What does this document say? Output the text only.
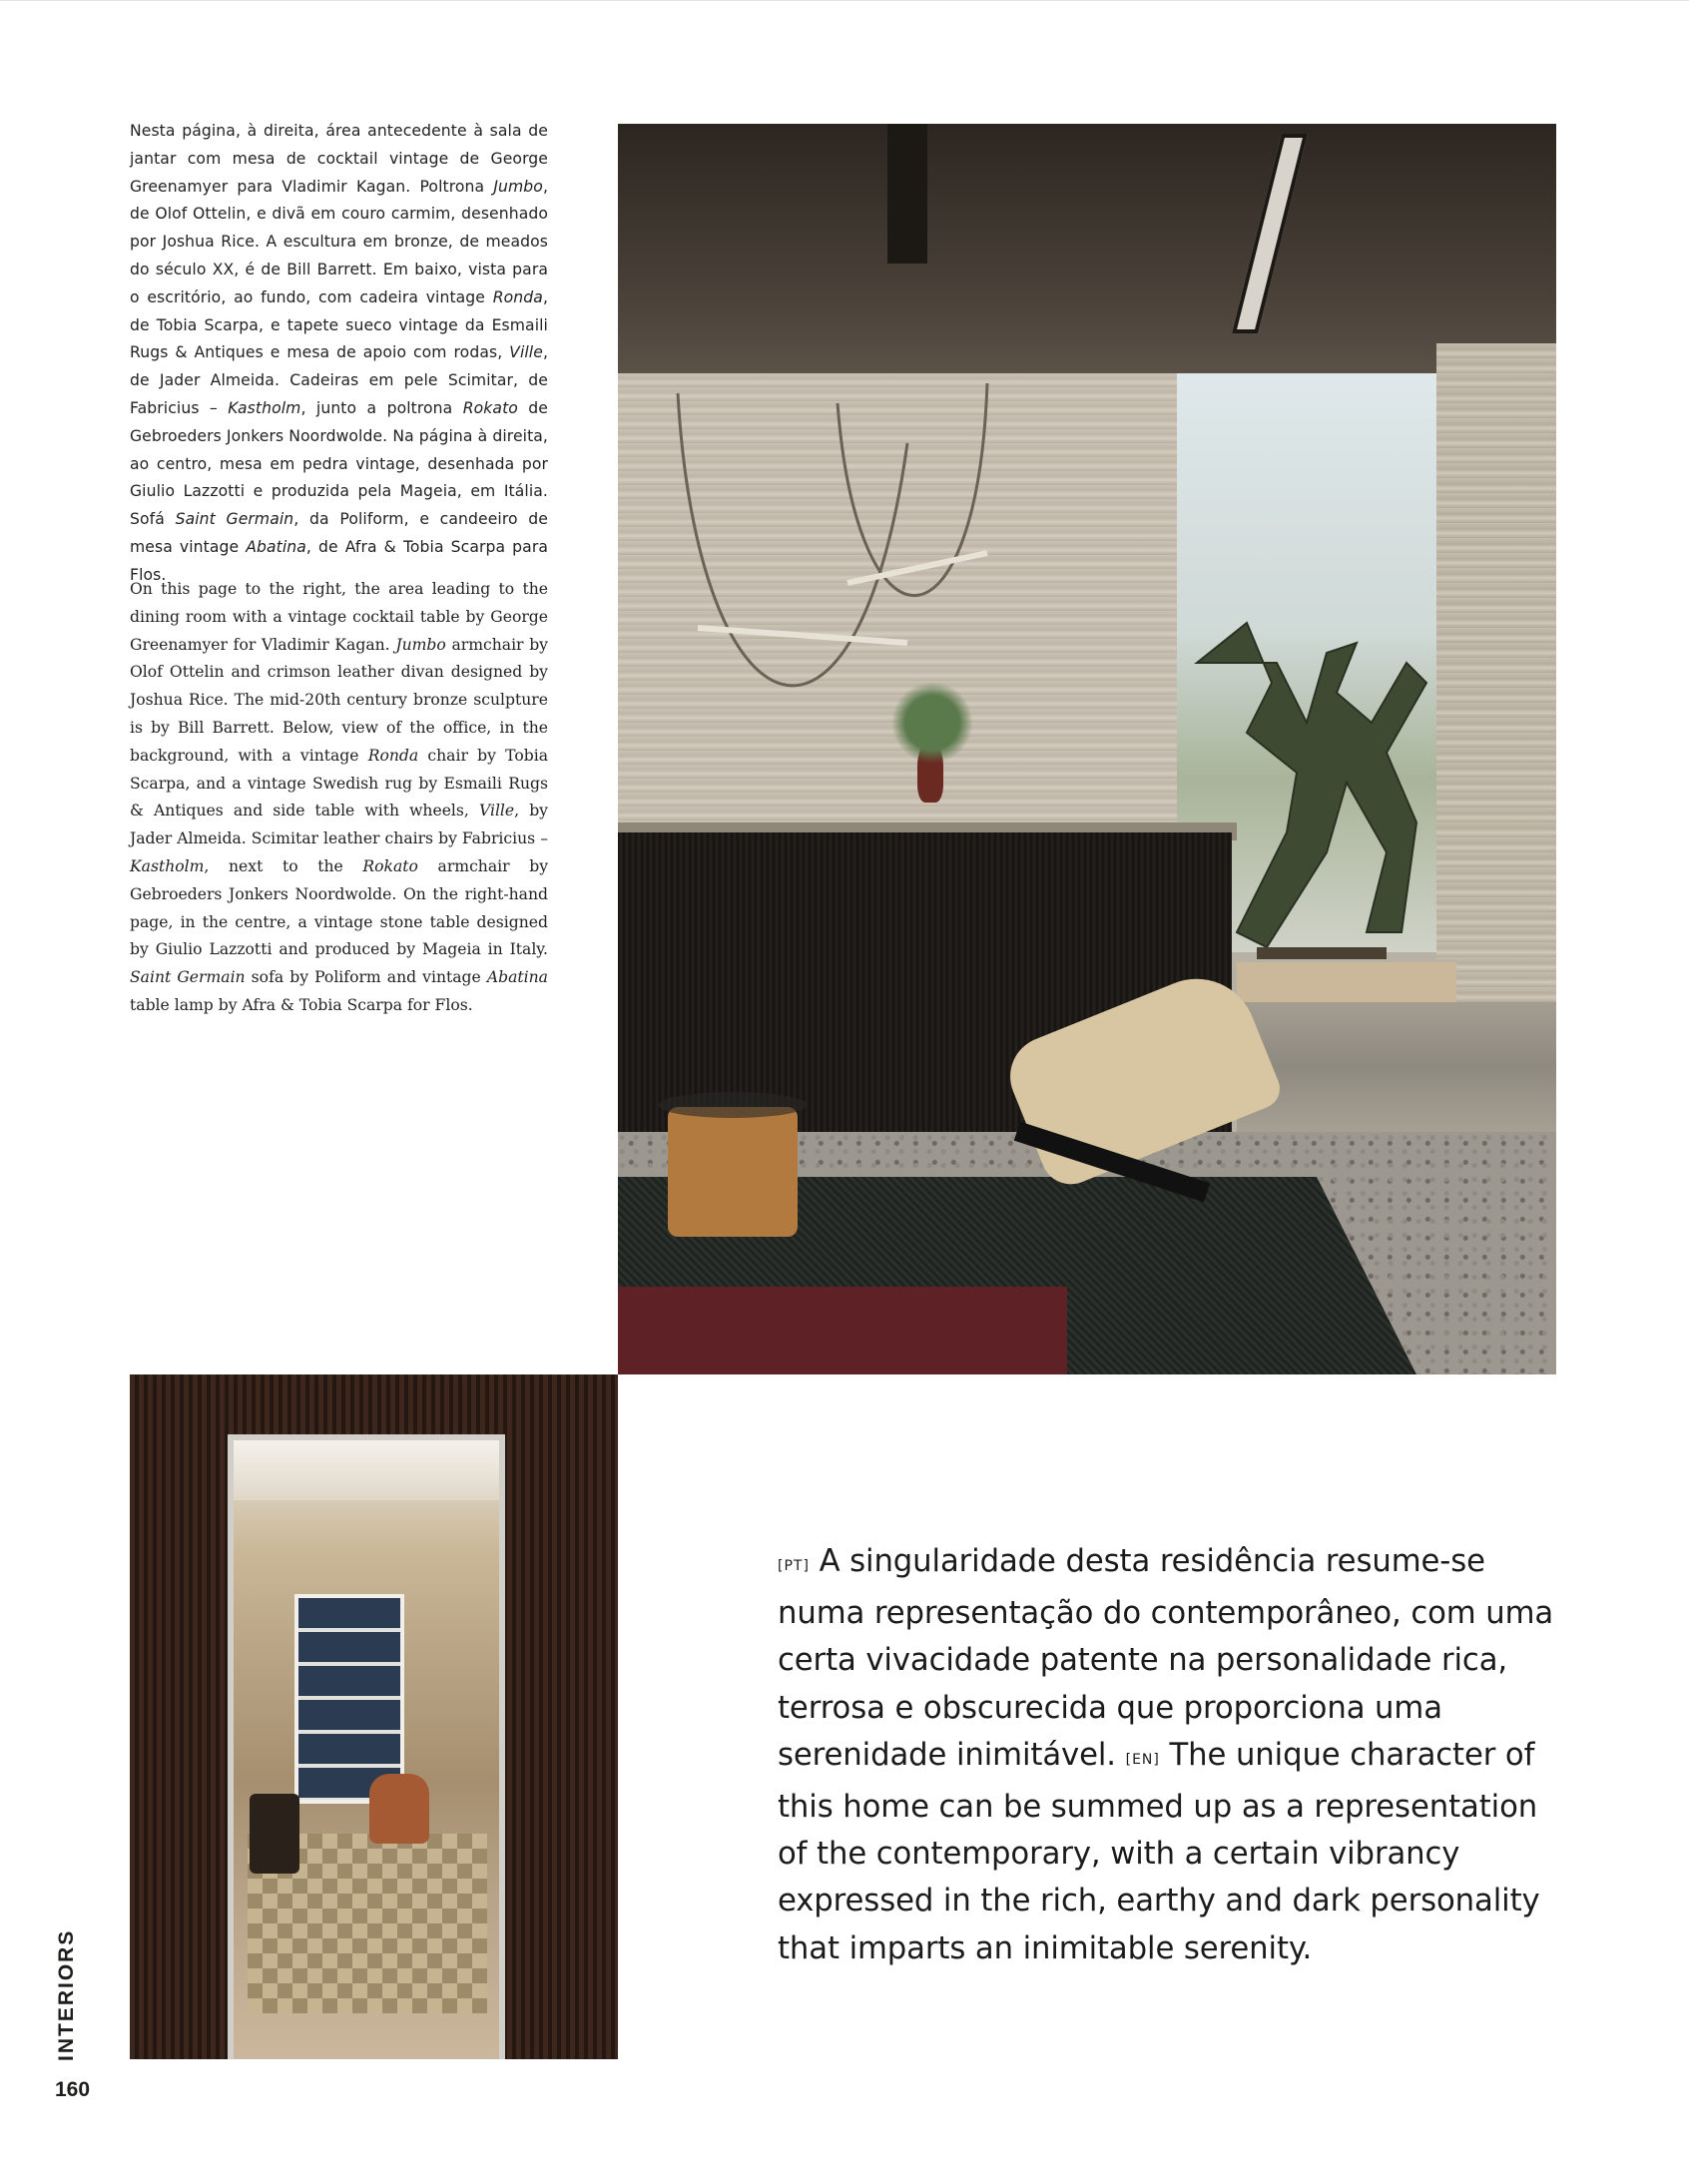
Nesta página, à direita, área antecedente à sala de jantar com mesa de cocktail vintage de George Greenamyer para Vladimir Kagan. Poltrona Jumbo, de Olof Ottelin, e divã em couro carmim, desenhado por Joshua Rice. A escultura em bronze, de meados do século XX, é de Bill Barrett. Em baixo, vista para o escritório, ao fundo, com cadeira vintage Ronda, de Tobia Scarpa, e tapete sueco vintage da Esmaili Rugs & Antiques e mesa de apoio com rodas, Ville, de Jader Almeida. Cadeiras em pele Scimitar, de Fabricius – Kastholm, junto a poltrona Rokato de Gebroeders Jonkers Noordwolde. Na página à direita, ao centro, mesa em pedra vintage, desenhada por Giulio Lazzotti e produzida pela Mageia, em Itália. Sofá Saint Germain, da Poliform, e candeeiro de mesa vintage Abatina, de Afra & Tobia Scarpa para Flos.

On this page to the right, the area leading to the dining room with a vintage cocktail table by George Greenamyer for Vladimir Kagan. Jumbo armchair by Olof Ottelin and crimson leather divan designed by Joshua Rice. The mid-20th century bronze sculpture is by Bill Barrett. Below, view of the office, in the background, with a vintage Ronda chair by Tobia Scarpa, and a vintage Swedish rug by Esmaili Rugs & Antiques and side table with wheels, Ville, by Jader Almeida. Scimitar leather chairs by Fabricius – Kastholm, next to the Rokato armchair by Gebroeders Jonkers Noordwolde. On the right-hand page, in the centre, a vintage stone table designed by Giulio Lazzotti and produced by Mageia in Italy. Saint Germain sofa by Poliform and vintage Abatina table lamp by Afra & Tobia Scarpa for Flos.

[PT] A singularidade desta residência resume-se numa representação do contemporâneo, com uma certa vivacidade patente na personalidade rica, terrosa e obscurecida que proporciona uma serenidade inimitável. [EN] The unique character of this home can be summed up as a representation of the contemporary, with a certain vibrancy expressed in the rich, earthy and dark personality that imparts an inimitable serenity.
INTERIORS
160
